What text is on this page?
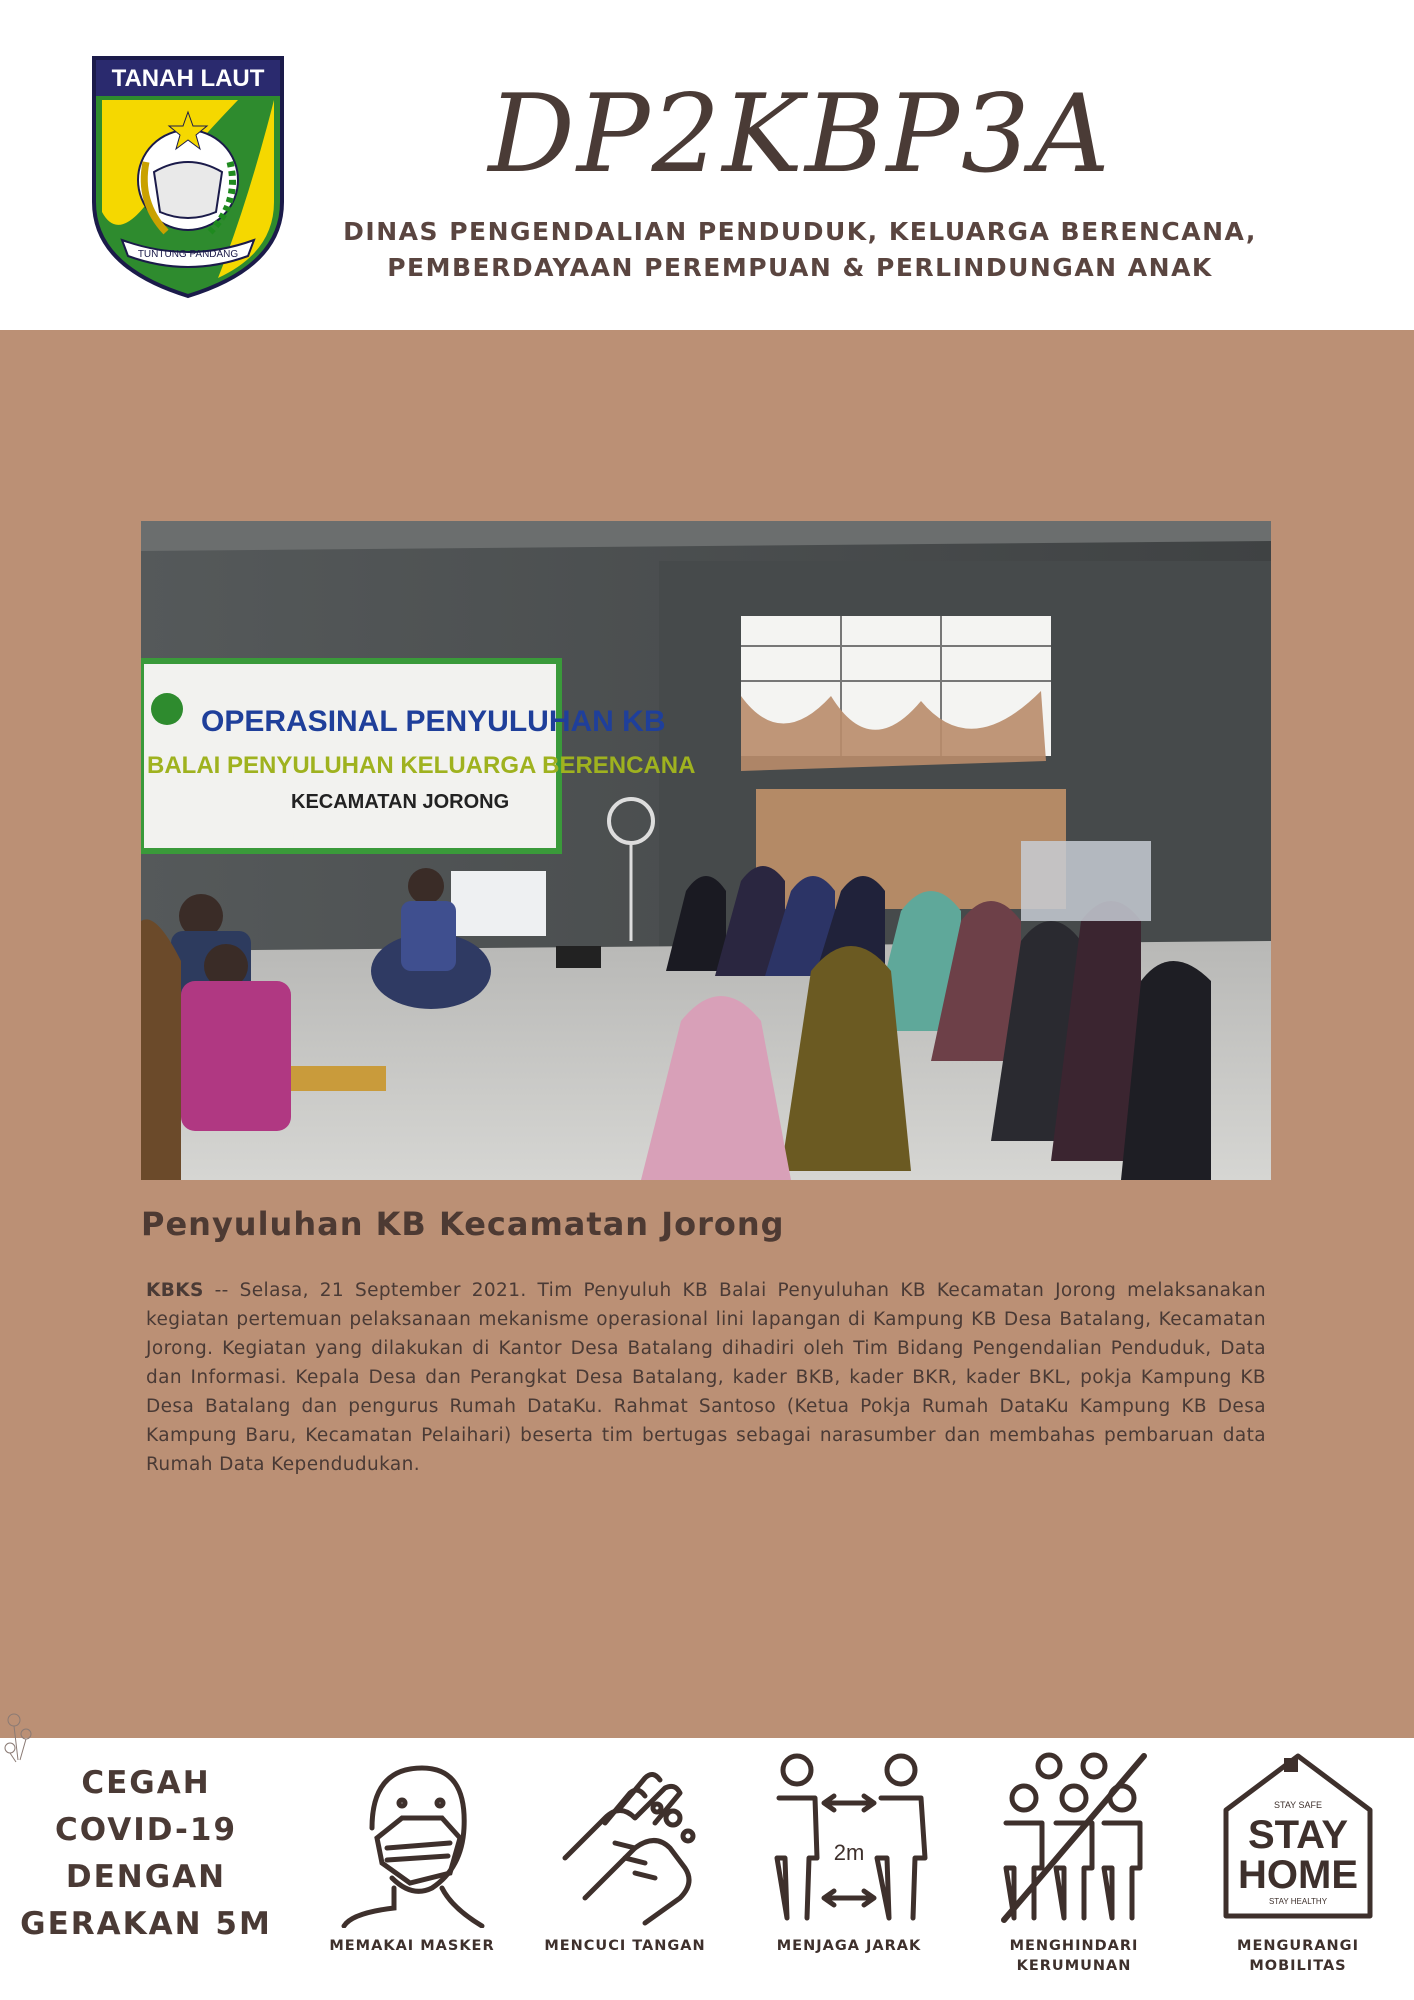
TANAH LAUT
TUNTUNG PANDANG
DP2KBP3A
DINAS PENGENDALIAN PENDUDUK, KELUARGA BERENCANA,
PEMBERDAYAAN PEREMPUAN & PERLINDUNGAN ANAK
OPERASINAL PENYULUHAN KB
BALAI PENYULUHAN KELUARGA BERENCANA
KECAMATAN JORONG
2KBP3A Kabupaten Tanah Laut
Penyuluhan KB Kecamatan Jorong
KBKS -- Selasa, 21 September 2021. Tim Penyuluh KB Balai Penyuluhan KB Kecamatan Jorong melaksanakan kegiatan pertemuan pelaksanaan mekanisme operasional lini lapangan di Kampung KB Desa Batalang, Kecamatan Jorong. Kegiatan yang dilakukan di Kantor Desa Batalang dihadiri oleh Tim Bidang Pengendalian Penduduk, Data dan Informasi. Kepala Desa dan Perangkat Desa Batalang, kader BKB, kader BKR, kader BKL, pokja Kampung KB Desa Batalang dan pengurus Rumah DataKu. Rahmat Santoso (Ketua Pokja Rumah DataKu Kampung KB Desa Kampung Baru, Kecamatan Pelaihari) beserta tim bertugas sebagai narasumber dan membahas pembaruan data Rumah Data Kependudukan.
CEGAH
COVID-19
DENGAN
GERAKAN 5M
MEMAKAI MASKER	MENCUCI TANGAN
2m
MENJAGA JARAK	MENGHINDARI KERUMUNAN
STAY SAFE
STAY
HOME
STAY HEALTHY
MENGURANGI MOBILITAS
